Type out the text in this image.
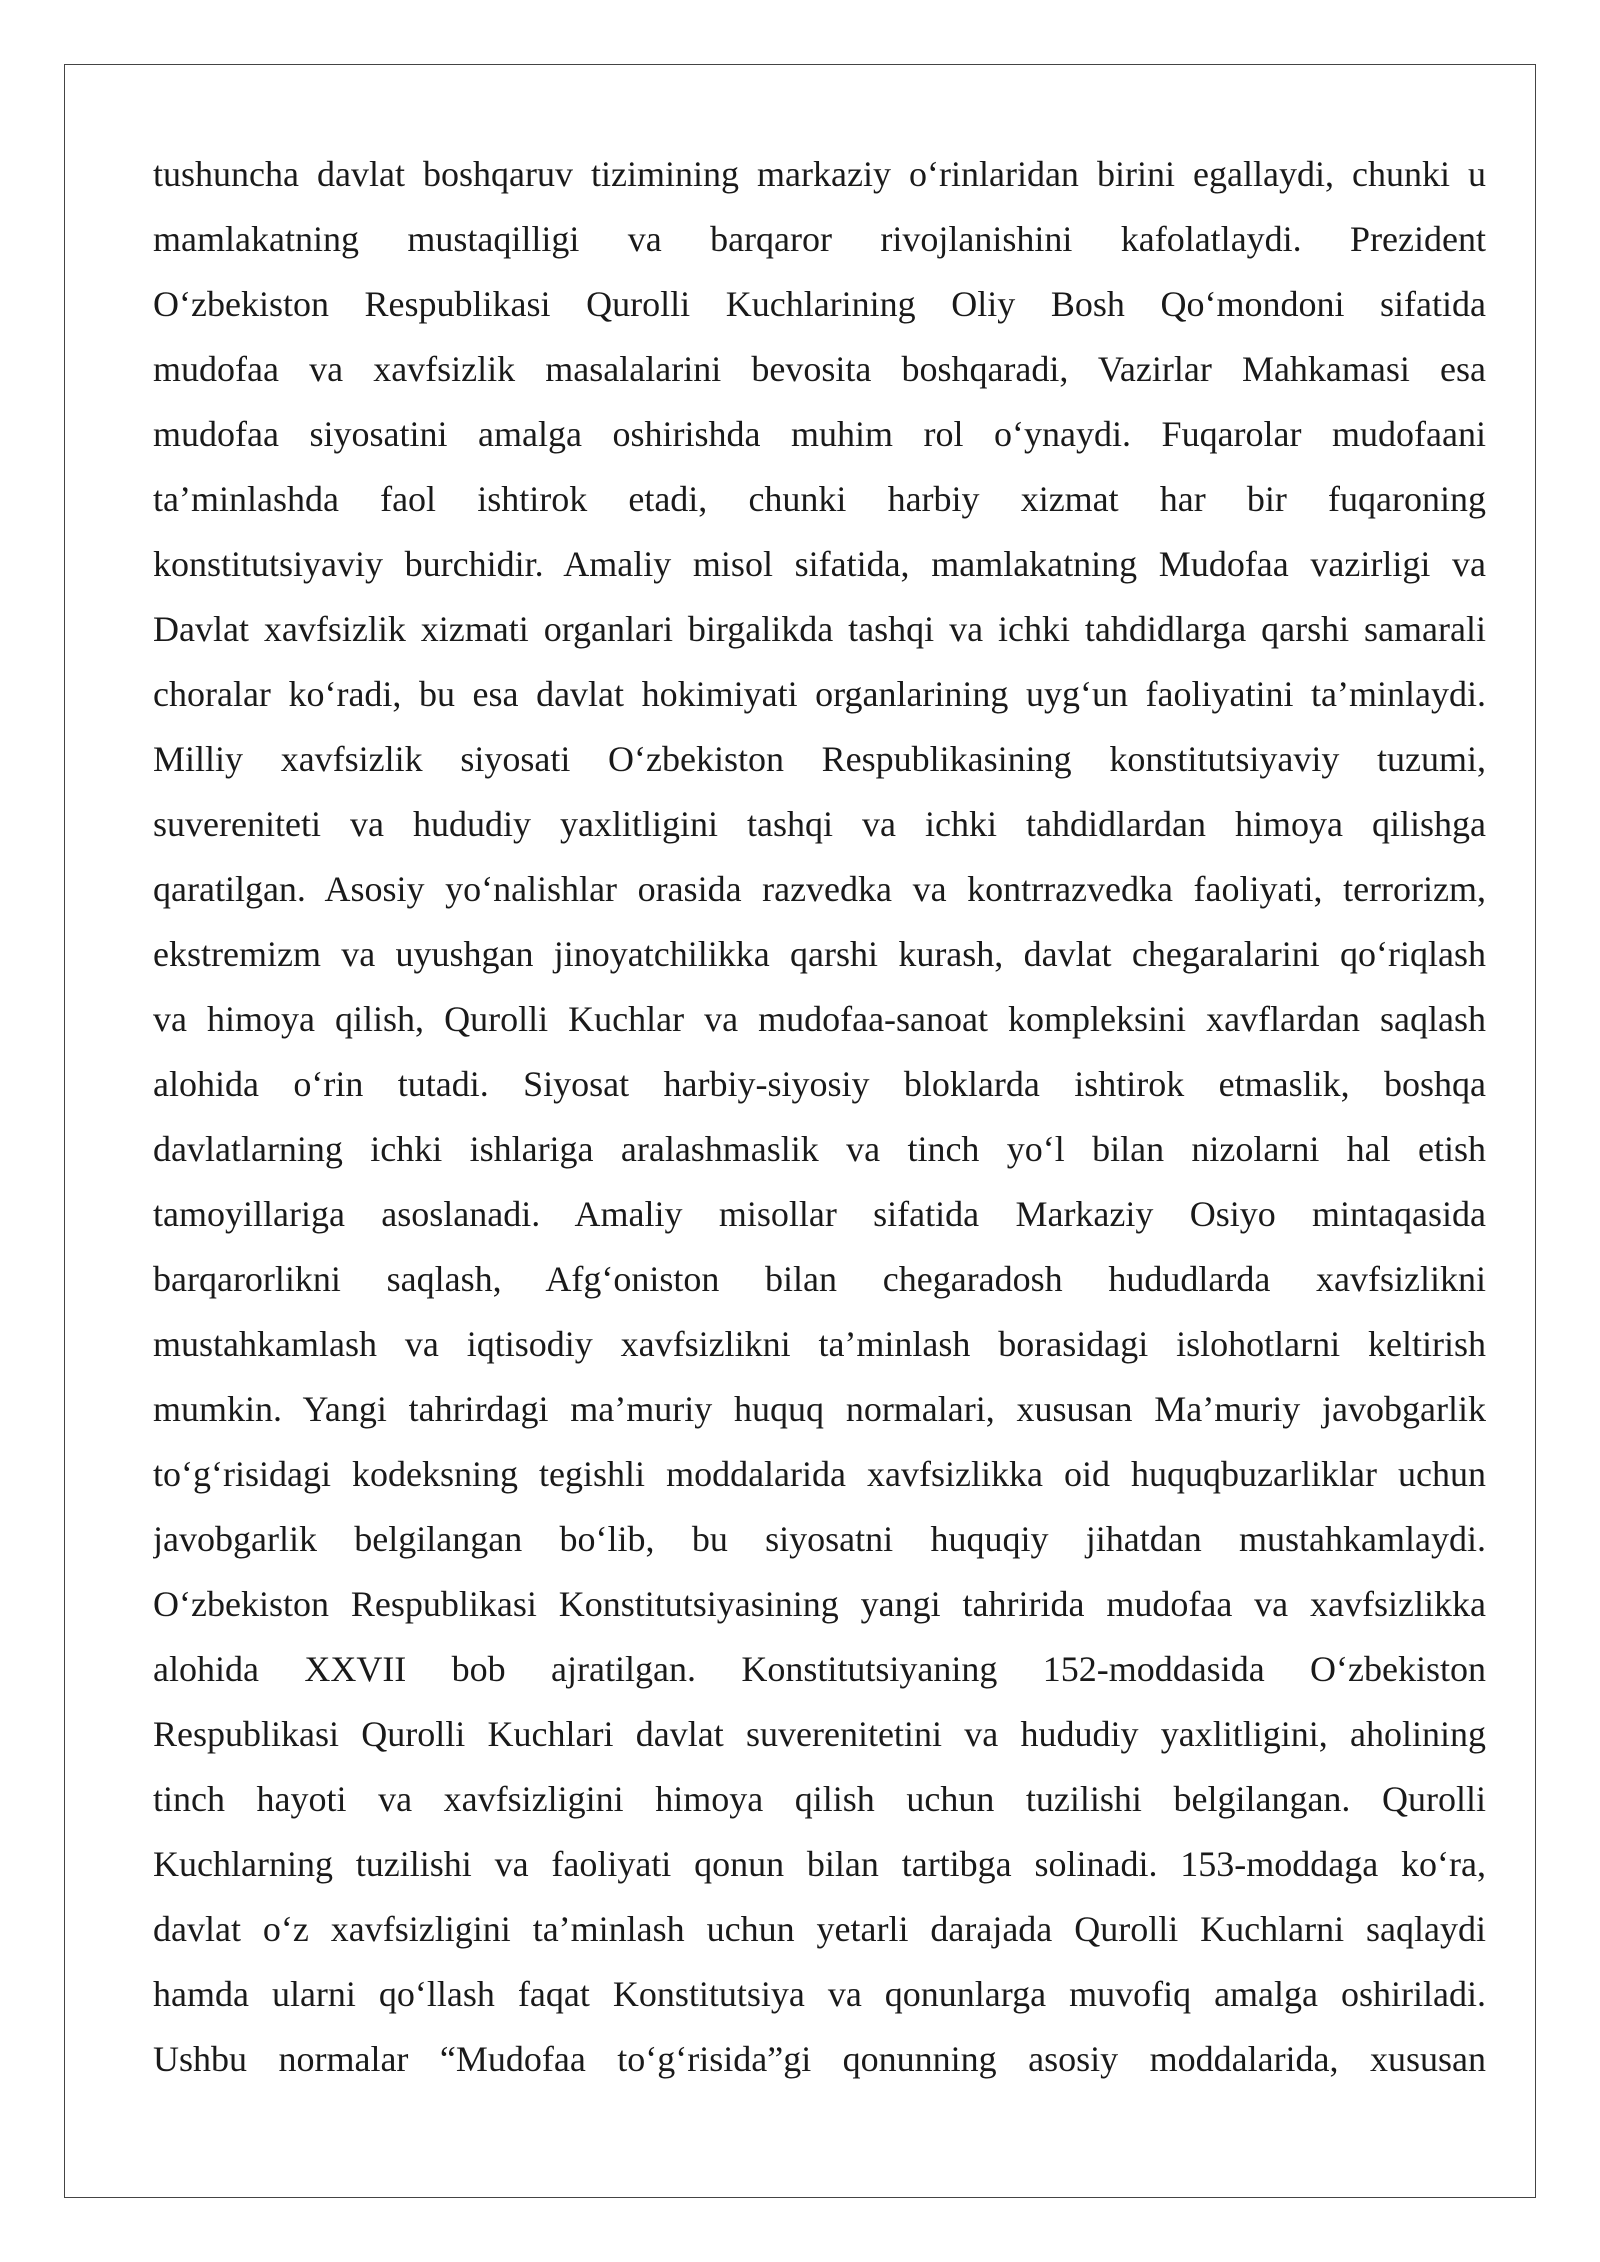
tushuncha davlat boshqaruv tizimining markaziy o‘rinlaridan birini egallaydi, chunki u
mamlakatning mustaqilligi va barqaror rivojlanishini kafolatlaydi. Prezident
O‘zbekiston Respublikasi Qurolli Kuchlarining Oliy Bosh Qo‘mondoni sifatida
mudofaa va xavfsizlik masalalarini bevosita boshqaradi, Vazirlar Mahkamasi esa
mudofaa siyosatini amalga oshirishda muhim rol o‘ynaydi. Fuqarolar mudofaani
ta’minlashda faol ishtirok etadi, chunki harbiy xizmat har bir fuqaroning
konstitutsiyaviy burchidir. Amaliy misol sifatida, mamlakatning Mudofaa vazirligi va
Davlat xavfsizlik xizmati organlari birgalikda tashqi va ichki tahdidlarga qarshi samarali
choralar ko‘radi, bu esa davlat hokimiyati organlarining uyg‘un faoliyatini ta’minlaydi.
Milliy xavfsizlik siyosati O‘zbekiston Respublikasining konstitutsiyaviy tuzumi,
suvereniteti va hududiy yaxlitligini tashqi va ichki tahdidlardan himoya qilishga
qaratilgan. Asosiy yo‘nalishlar orasida razvedka va kontrrazvedka faoliyati, terrorizm,
ekstremizm va uyushgan jinoyatchilikka qarshi kurash, davlat chegaralarini qo‘riqlash
va himoya qilish, Qurolli Kuchlar va mudofaa-sanoat kompleksini xavflardan saqlash
alohida o‘rin tutadi. Siyosat harbiy-siyosiy bloklarda ishtirok etmaslik, boshqa
davlatlarning ichki ishlariga aralashmaslik va tinch yo‘l bilan nizolarni hal etish
tamoyillariga asoslanadi. Amaliy misollar sifatida Markaziy Osiyo mintaqasida
barqarorlikni saqlash, Afg‘oniston bilan chegaradosh hududlarda xavfsizlikni
mustahkamlash va iqtisodiy xavfsizlikni ta’minlash borasidagi islohotlarni keltirish
mumkin. Yangi tahrirdagi ma’muriy huquq normalari, xususan Ma’muriy javobgarlik
to‘g‘risidagi kodeksning tegishli moddalarida xavfsizlikka oid huquqbuzarliklar uchun
javobgarlik belgilangan bo‘lib, bu siyosatni huquqiy jihatdan mustahkamlaydi.
O‘zbekiston Respublikasi Konstitutsiyasining yangi tahririda mudofaa va xavfsizlikka
alohida XXVII bob ajratilgan. Konstitutsiyaning 152-moddasida O‘zbekiston
Respublikasi Qurolli Kuchlari davlat suverenitetini va hududiy yaxlitligini, aholining
tinch hayoti va xavfsizligini himoya qilish uchun tuzilishi belgilangan. Qurolli
Kuchlarning tuzilishi va faoliyati qonun bilan tartibga solinadi. 153-moddaga ko‘ra,
davlat o‘z xavfsizligini ta’minlash uchun yetarli darajada Qurolli Kuchlarni saqlaydi
hamda ularni qo‘llash faqat Konstitutsiya va qonunlarga muvofiq amalga oshiriladi.
Ushbu normalar “Mudofaa to‘g‘risida”gi qonunning asosiy moddalarida, xususan
